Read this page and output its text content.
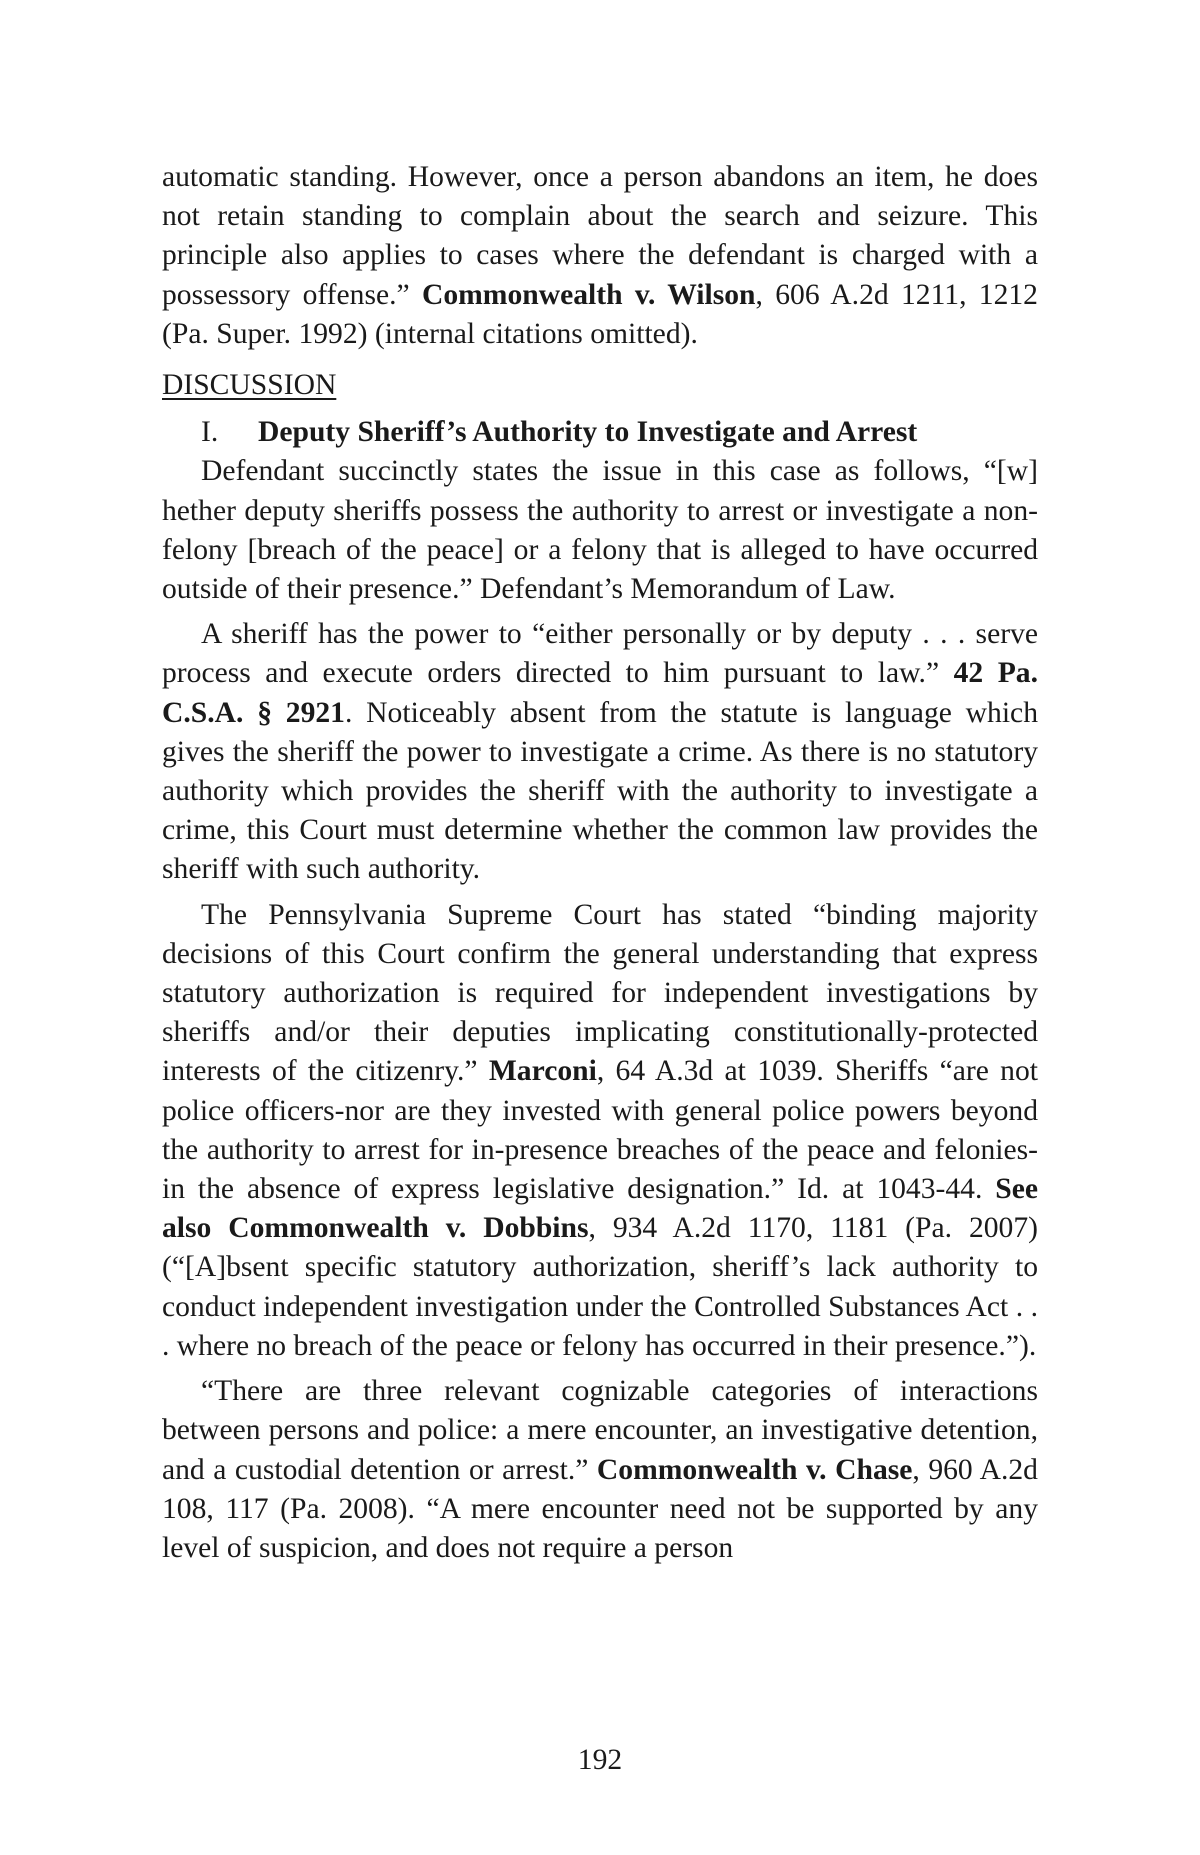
automatic standing. However, once a person abandons an item, he does not retain standing to complain about the search and seizure. This principle also applies to cases where the defendant is charged with a possessory offense.” Commonwealth v. Wilson, 606 A.2d 1211, 1212 (Pa. Super. 1992) (internal citations omitted).

DISCUSSION

I. Deputy Sheriff’s Authority to Investigate and Arrest

Defendant succinctly states the issue in this case as follows, “[w] hether deputy sheriffs possess the authority to arrest or investigate a non-felony [breach of the peace] or a felony that is alleged to have occurred outside of their presence.” Defendant’s Memorandum of Law.

A sheriff has the power to “either personally or by deputy . . . serve process and execute orders directed to him pursuant to law.” 42 Pa. C.S.A. § 2921. Noticeably absent from the statute is language which gives the sheriff the power to investigate a crime. As there is no statutory authority which provides the sheriff with the authority to investigate a crime, this Court must determine whether the common law provides the sheriff with such authority.

The Pennsylvania Supreme Court has stated “binding majority decisions of this Court confirm the general understanding that express statutory authorization is required for independent investigations by sheriffs and/or their deputies implicating constitutionally-protected interests of the citizenry.” Marconi, 64 A.3d at 1039. Sheriffs “are not police officers-nor are they invested with general police powers beyond the authority to arrest for in-presence breaches of the peace and felonies-in the absence of express legislative designation.” Id. at 1043-44. See also Commonwealth v. Dobbins, 934 A.2d 1170, 1181 (Pa. 2007) (“[A]bsent specific statutory authorization, sheriff’s lack authority to conduct independent investigation under the Controlled Substances Act . . . where no breach of the peace or felony has occurred in their presence.”).

“There are three relevant cognizable categories of interactions between persons and police: a mere encounter, an investigative detention, and a custodial detention or arrest.” Commonwealth v. Chase, 960 A.2d 108, 117 (Pa. 2008). “A mere encounter need not be supported by any level of suspicion, and does not require a person

192
